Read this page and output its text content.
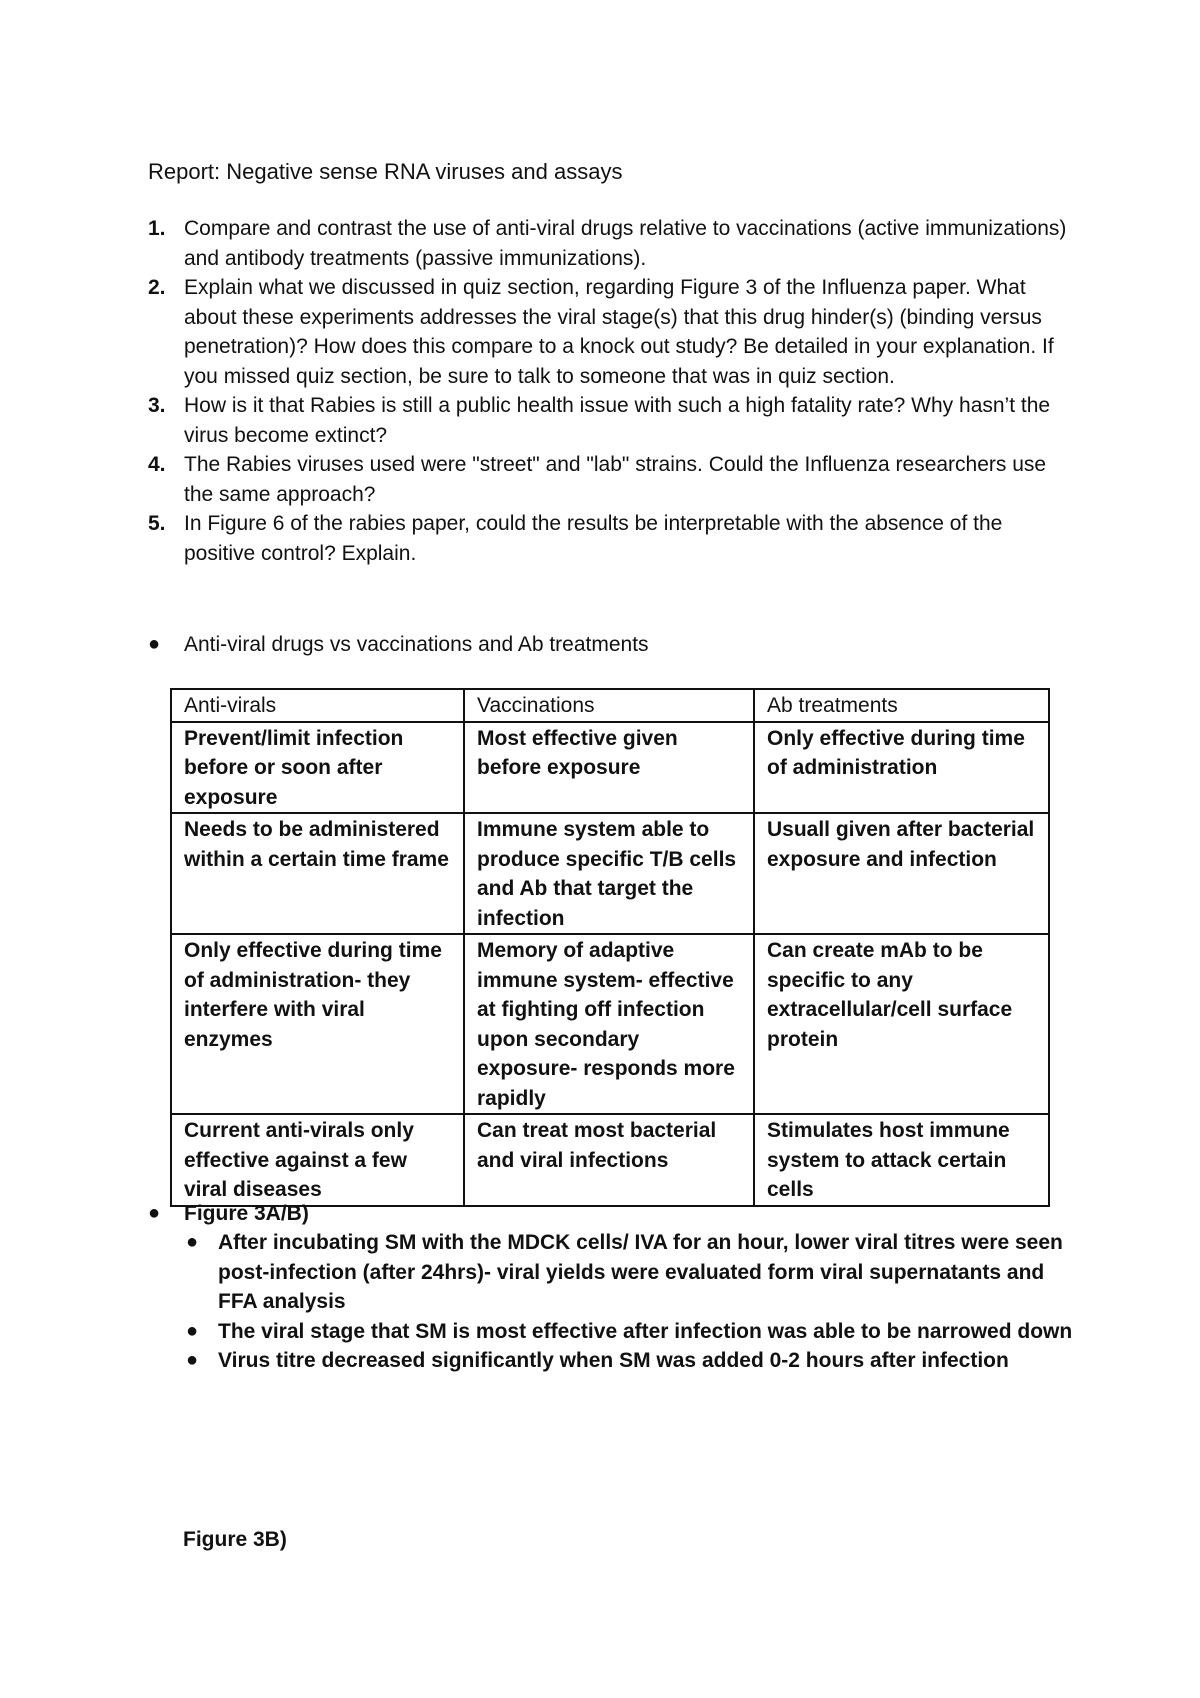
Report: Negative sense RNA viruses and assays
1. Compare and contrast the use of anti-viral drugs relative to vaccinations (active immunizations) and antibody treatments (passive immunizations).
2. Explain what we discussed in quiz section, regarding Figure 3 of the Influenza paper. What about these experiments addresses the viral stage(s) that this drug hinder(s) (binding versus penetration)? How does this compare to a knock out study? Be detailed in your explanation. If you missed quiz section, be sure to talk to someone that was in quiz section.
3. How is it that Rabies is still a public health issue with such a high fatality rate? Why hasn’t the virus become extinct?
4. The Rabies viruses used were "street" and "lab" strains. Could the Influenza researchers use the same approach?
5. In Figure 6 of the rabies paper, could the results be interpretable with the absence of the positive control? Explain.
● Anti-viral drugs vs vaccinations and Ab treatments
Anti-virals	Vaccinations	Ab treatments
Prevent/limit infection before or soon after exposure	Most effective given before exposure	Only effective during time of administration
Needs to be administered within a certain time frame	Immune system able to produce specific T/B cells and Ab that target the infection	Usuall given after bacterial exposure and infection
Only effective during time of administration- they interfere with viral enzymes	Memory of adaptive immune system- effective at fighting off infection upon secondary exposure- responds more rapidly	Can create mAb to be specific to any extracellular/cell surface protein
Current anti-virals only effective against a few viral diseases	Can treat most bacterial and viral infections	Stimulates host immune system to attack certain cells
● Figure 3A/B)
● After incubating SM with the MDCK cells/ IVA for an hour, lower viral titres were seen post-infection (after 24hrs)- viral yields were evaluated form viral supernatants and FFA analysis
● The viral stage that SM is most effective after infection was able to be narrowed down
● Virus titre decreased significantly when SM was added 0-2 hours after infection
Figure 3B)
